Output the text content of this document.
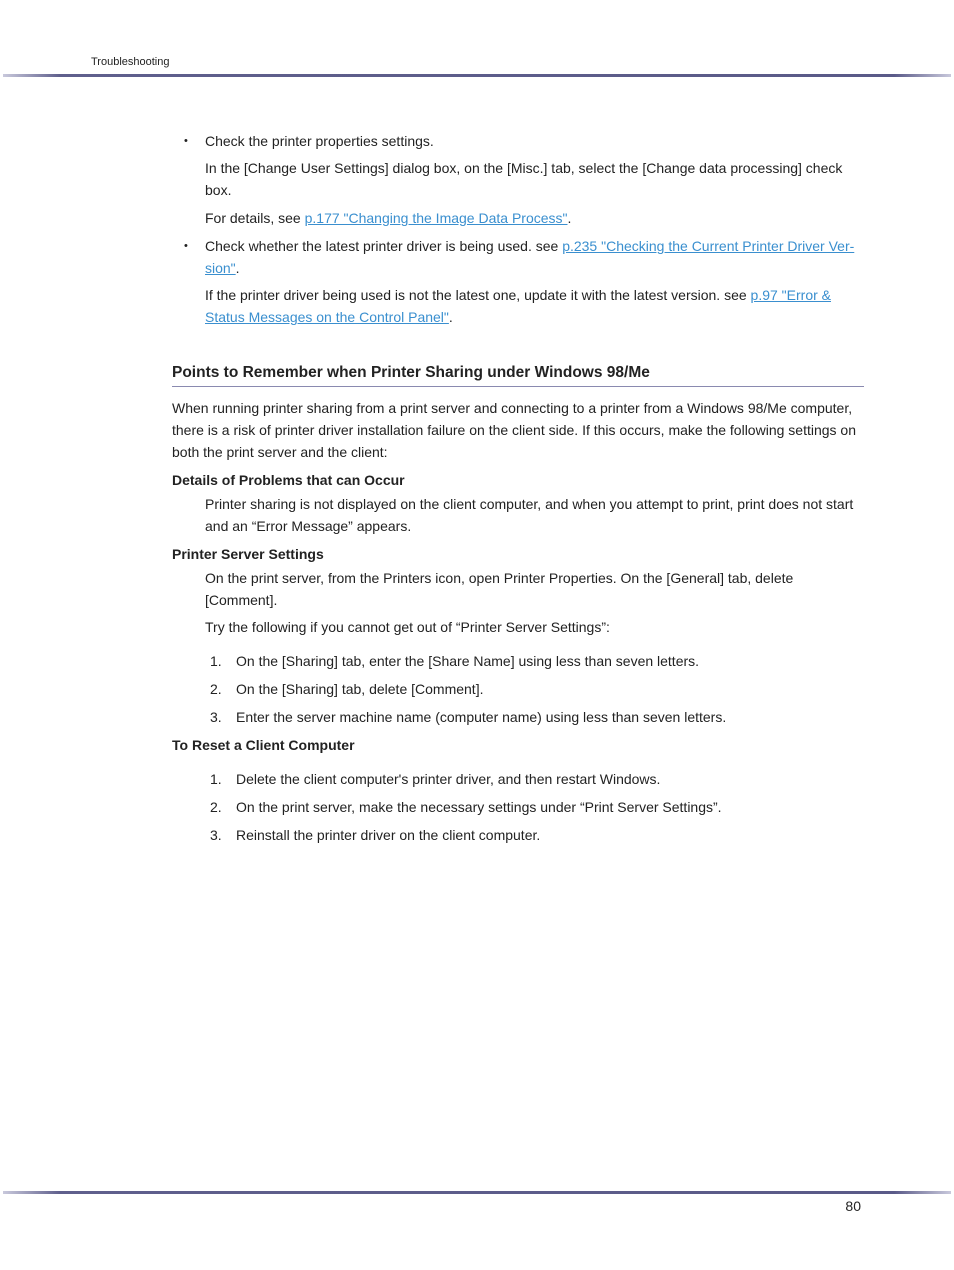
Troubleshooting
• Check the printer properties settings.

In the [Change User Settings] dialog box, on the [Misc.] tab, select the [Change data processing] check box.

For details, see p.177 "Changing the Image Data Process".

• Check whether the latest printer driver is being used. see p.235 "Checking the Current Printer Driver Ver-sion".

If the printer driver being used is not the latest one, update it with the latest version. see p.97 "Error & Status Messages on the Control Panel".

Points to Remember when Printer Sharing under Windows 98/Me

When running printer sharing from a print server and connecting to a printer from a Windows 98/Me computer, there is a risk of printer driver installation failure on the client side. If this occurs, make the following settings on both the print server and the client:

Details of Problems that can Occur

Printer sharing is not displayed on the client computer, and when you attempt to print, print does not start and an “Error Message” appears.

Printer Server Settings

On the print server, from the Printers icon, open Printer Properties. On the [General] tab, delete [Comment].

Try the following if you cannot get out of “Printer Server Settings”:

1. On the [Sharing] tab, enter the [Share Name] using less than seven letters.
2. On the [Sharing] tab, delete [Comment].
3. Enter the server machine name (computer name) using less than seven letters.
To Reset a Client Computer
1. Delete the client computer's printer driver, and then restart Windows.
2. On the print server, make the necessary settings under “Print Server Settings”.
3. Reinstall the printer driver on the client computer.
80
